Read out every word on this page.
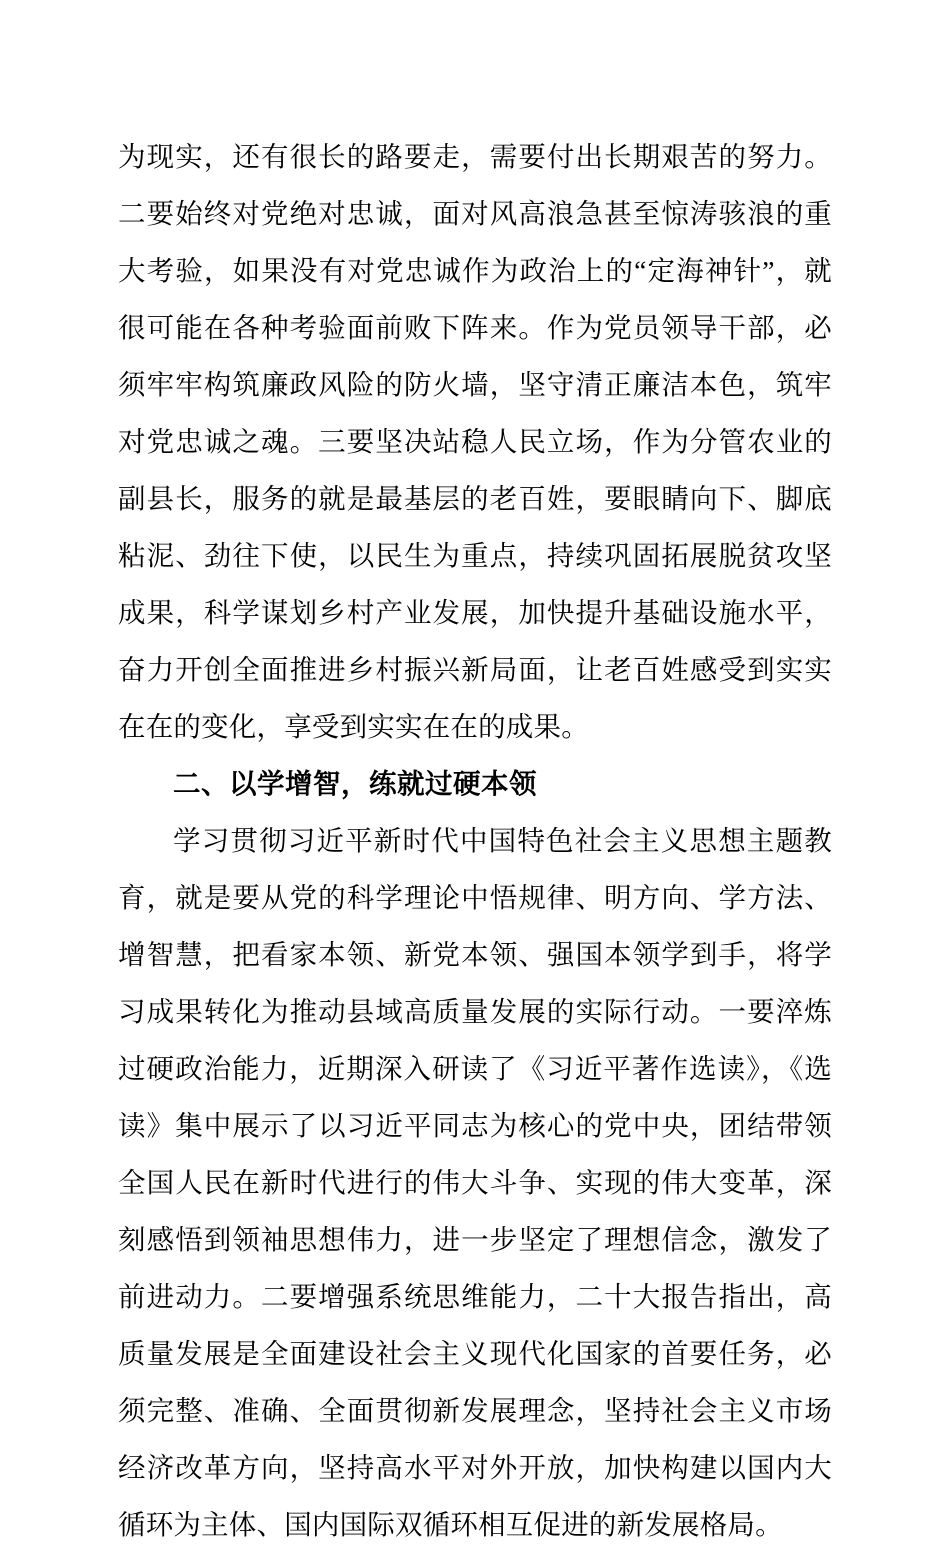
为现实，还有很长的路要走，需要付出长期艰苦的努力。二要始终对党绝对忠诚，面对风高浪急甚至惊涛骇浪的重大考验，如果没有对党忠诚作为政治上的“定海神针”，就很可能在各种考验面前败下阵来。作为党员领导干部，必须牢牢构筑廉政风险的防火墙，坚守清正廉洁本色，筑牢对党忠诚之魂。三要坚决站稳人民立场，作为分管农业的副县长，服务的就是最基层的老百姓，要眼睛向下、脚底粘泥、劲往下使，以民生为重点，持续巩固拓展脱贫攻坚成果，科学谋划乡村产业发展，加快提升基础设施水平，奋力开创全面推进乡村振兴新局面，让老百姓感受到实实在在的变化，享受到实实在在的成果。

二、以学增智，练就过硬本领

学习贯彻习近平新时代中国特色社会主义思想主题教育，就是要从党的科学理论中悟规律、明方向、学方法、增智慧，把看家本领、新党本领、强国本领学到手，将学习成果转化为推动县域高质量发展的实际行动。一要淬炼过硬政治能力，近期深入研读了《习近平著作选读》，《选读》集中展示了以习近平同志为核心的党中央，团结带领全国人民在新时代进行的伟大斗争、实现的伟大变革，深刻感悟到领袖思想伟力，进一步坚定了理想信念，激发了前进动力。二要增强系统思维能力，二十大报告指出，高质量发展是全面建设社会主义现代化国家的首要任务，必须完整、准确、全面贯彻新发展理念，坚持社会主义市场经济改革方向，坚持高水平对外开放，加快构建以国内大循环为主体、国内国际双循环相互促进的新发展格局。
